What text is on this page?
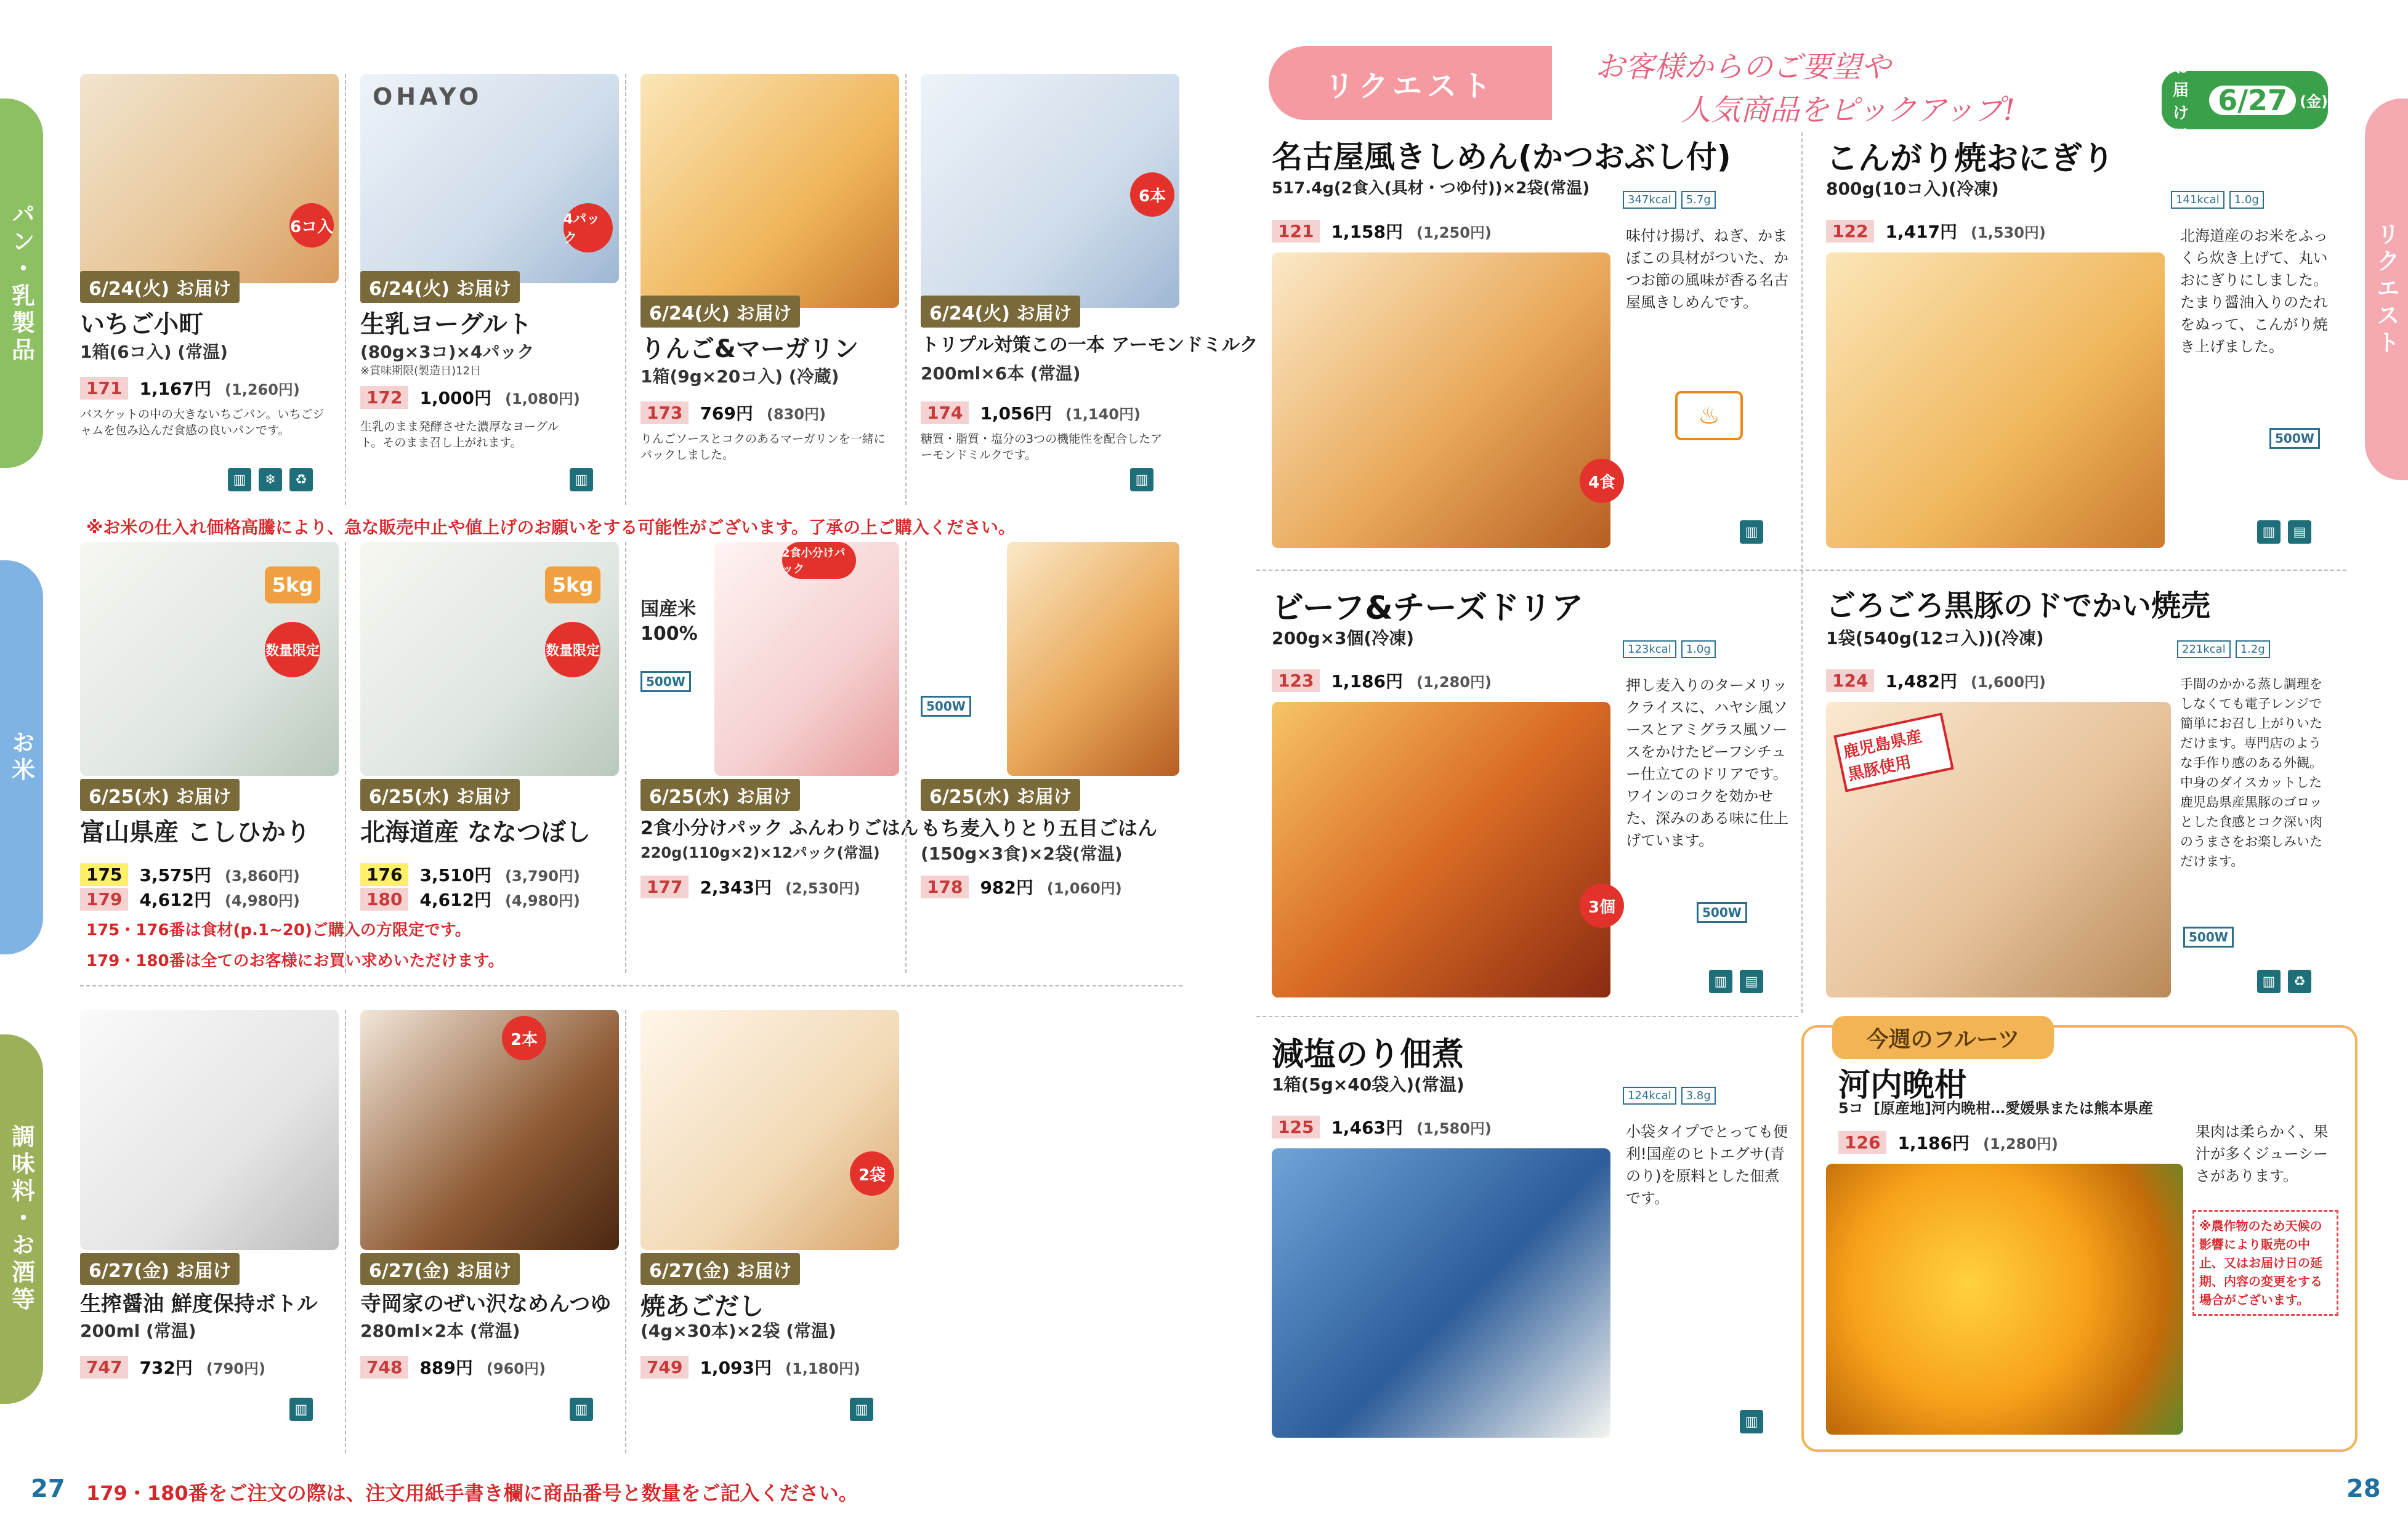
パン・乳製品
お米
調味料・お酒等
リクエスト
6コ入
6/24(火) お届け
いちご小町
1箱(6コ入) (常温)
171	1,167円 (1,260円)
バスケットの中の大きないちごパン。いちごジャムを包み込んだ食感の良いパンです。
▥	❄	♻
OHAYO
4パック
6/24(火) お届け
生乳ヨーグルト
(80g×3コ)×4パック
※賞味期限(製造日)12日
172	1,000円 (1,080円)
生乳のまま発酵させた濃厚なヨーグルト。そのまま召し上がれます。
▥
6/24(火) お届け
りんご&マーガリン
1箱(9g×20コ入) (冷蔵)
173	769円 (830円)
りんごソースとコクのあるマーガリンを一緒にパックしました。
6本
6/24(火) お届け
トリプル対策この一本 アーモンドミルク
200ml×6本 (常温)
174	1,056円 (1,140円)
糖質・脂質・塩分の3つの機能性を配合したアーモンドミルクです。
▥
※お米の仕入れ価格高騰により、急な販売中止や値上げのお願いをする可能性がございます。了承の上ご購入ください。
5kg
数量限定
6/25(水) お届け
富山県産 こしひかり
175	3,575円 (3,860円)
179	4,612円 (4,980円)
5kg
数量限定
6/25(水) お届け
北海道産 ななつぼし
176	3,510円 (3,790円)
180	4,612円 (4,980円)
国産米 100%
2食小分けパック
500W
6/25(水) お届け
2食小分けパック ふんわりごはん
220g(110g×2)×12パック(常温)
177	2,343円 (2,530円)
500W
6/25(水) お届け
もち麦入りとり五目ごはん
(150g×3食)×2袋(常温)
178	982円 (1,060円)
175・176番は食材(p.1~20)ご購入の方限定です。
179・180番は全てのお客様にお買い求めいただけます。
6/27(金) お届け
生搾醤油 鮮度保持ボトル
200ml (常温)
747	732円 (790円)
▥
2本
6/27(金) お届け
寺岡家のぜい沢なめんつゆ
280ml×2本 (常温)
748	889円 (960円)
▥
2袋
6/27(金) お届け
焼あごだし
(4g×30本)×2袋 (常温)
749	1,093円 (1,180円)
▥
27 179・180番をご注文の際は、注文用紙手書き欄に商品番号と数量をご記入ください。	28
リクエスト
お客様からのご要望や
人気商品をピックアップ!
お届け日
6/27 (金)
名古屋風きしめん(かつおぶし付)
517.4g(2食入(具材・つゆ付))×2袋(常温)
347kcal	5.7g
121	1,158円 (1,250円)
4食
味付け揚げ、ねぎ、かまぼこの具材がついた、かつお節の風味が香る名古屋風きしめんです。
♨
▥
こんがり焼おにぎり
800g(10コ入)(冷凍)
141kcal	1.0g
122	1,417円 (1,530円)	北海道産のお米をふっくら炊き上げて、丸いおにぎりにしました。たまり醤油入りのたれをぬって、こんがり焼き上げました。
500W
▥	▤
ビーフ&チーズドリア
200g×3個(冷凍)
123kcal	1.0g
123	1,186円 (1,280円)
3個
押し麦入りのターメリックライスに、ハヤシ風ソースとアミグラス風ソースをかけたビーフシチュー仕立てのドリアです。ワインのコクを効かせた、深みのある味に仕上げています。
500W
▥	▤
ごろごろ黒豚のドでかい焼売
1袋(540g(12コ入))(冷凍)
221kcal	1.2g
124	1,482円 (1,600円)
鹿児島県産 黒豚使用
手間のかかる蒸し調理をしなくても電子レンジで簡単にお召し上がりいただけます。専門店のような手作り感のある外観。中身のダイスカットした鹿児島県産黒豚のゴロッとした食感とコク深い肉のうまさをお楽しみいただけます。
500W
▥	♻
減塩のり佃煮
1箱(5g×40袋入)(常温)
124kcal	3.8g
125	1,463円 (1,580円)	小袋タイプでとっても便利!国産のヒトエグサ(青のり)を原料とした佃煮です。
▥
今週のフルーツ
河内晩柑
5コ [原産地]河内晩柑…愛媛県または熊本県産
126	1,186円 (1,280円)
果肉は柔らかく、果汁が多くジューシーさがあります。
※農作物のため天候の影響により販売の中止、又はお届け日の延期、内容の変更をする場合がございます。
